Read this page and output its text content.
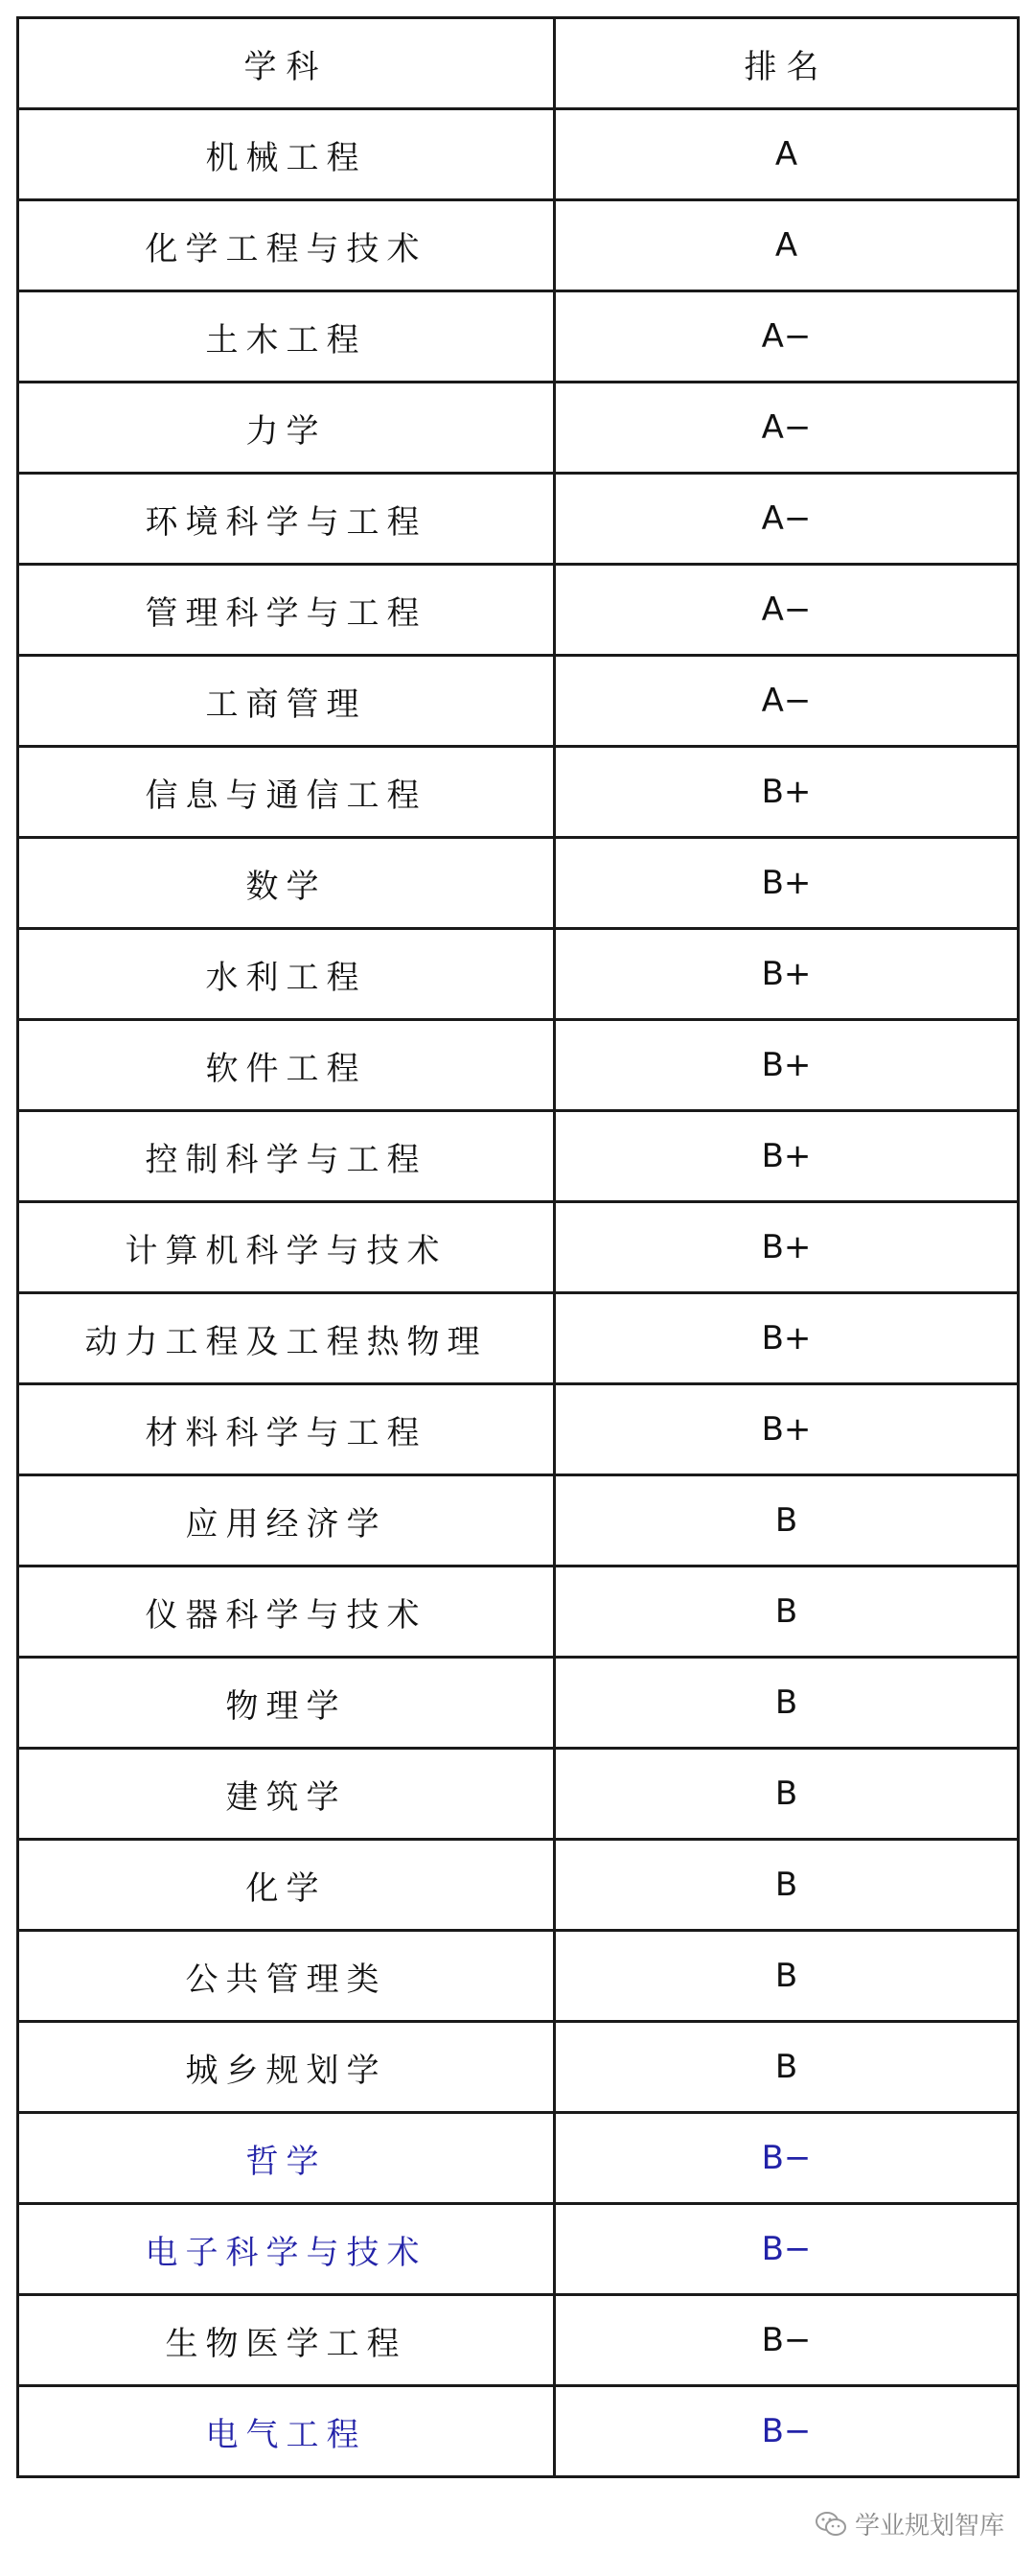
学科	排名
机械工程	A
化学工程与技术	A
土木工程	A−
力学	A−
环境科学与工程	A−
管理科学与工程	A−
工商管理	A−
信息与通信工程	B+
数学	B+
水利工程	B+
软件工程	B+
控制科学与工程	B+
计算机科学与技术	B+
动力工程及工程热物理	B+
材料科学与工程	B+
应用经济学	B
仪器科学与技术	B
物理学	B
建筑学	B
化学	B
公共管理类	B
城乡规划学	B
哲学	B−
电子科学与技术	B−
生物医学工程	B−
电气工程	B−
学业规划智库
